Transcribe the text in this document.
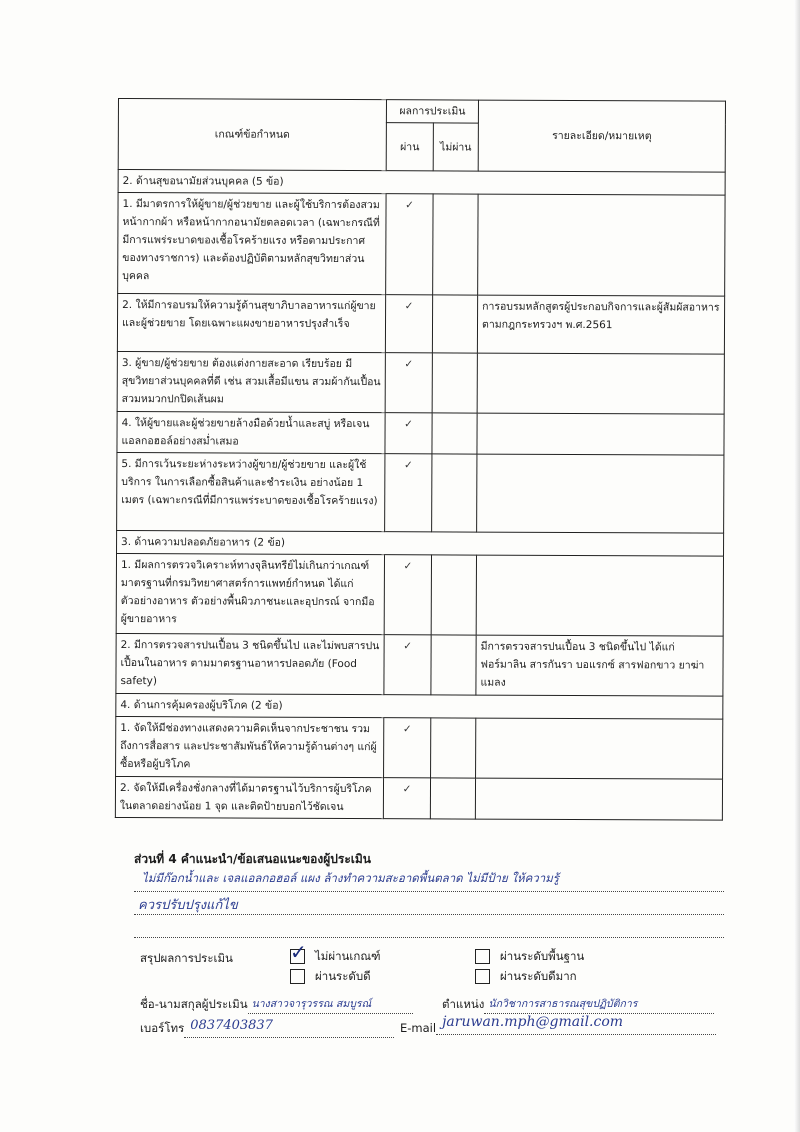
เกณฑ์ข้อกำหนด	ผลการประเมิน		รายละเอียด/หมายเหตุ
	ผ่าน	ไม่ผ่าน	
2. ด้านสุขอนามัยส่วนบุคคล (5 ข้อ)			
1. มีมาตรการให้ผู้ขาย/ผู้ช่วยขาย และผู้ใช้บริการต้องสวมหน้ากากผ้า หรือหน้ากากอนามัยตลอดเวลา (เฉพาะกรณีที่มีการแพร่ระบาดของเชื้อโรคร้ายแรง หรือตามประกาศของทางราชการ) และต้องปฏิบัติตามหลักสุขวิทยาส่วนบุคคล	✓		
2. ให้มีการอบรมให้ความรู้ด้านสุขาภิบาลอาหารแก่ผู้ขายและผู้ช่วยขาย โดยเฉพาะแผงขายอาหารปรุงสำเร็จ	✓		การอบรมหลักสูตรผู้ประกอบกิจการและผู้สัมผัสอาหารตามกฎกระทรวงฯ พ.ศ.2561
3. ผู้ขาย/ผู้ช่วยขาย ต้องแต่งกายสะอาด เรียบร้อย มีสุขวิทยาส่วนบุคคลที่ดี เช่น สวมเสื้อมีแขน สวมผ้ากันเปื้อน สวมหมวกปกปิดเส้นผม	✓		
4. ให้ผู้ขายและผู้ช่วยขายล้างมือด้วยน้ำและสบู่ หรือเจนแอลกอฮอล์อย่างสม่ำเสมอ	✓		
5. มีการเว้นระยะห่างระหว่างผู้ขาย/ผู้ช่วยขาย และผู้ใช้บริการ ในการเลือกซื้อสินค้าและชำระเงิน อย่างน้อย 1 เมตร (เฉพาะกรณีที่มีการแพร่ระบาดของเชื้อโรคร้ายแรง)	✓		
3. ด้านความปลอดภัยอาหาร (2 ข้อ)			
1. มีผลการตรวจวิเคราะห์ทางจุลินทรีย์ไม่เกินกว่าเกณฑ์มาตรฐานที่กรมวิทยาศาสตร์การแพทย์กำหนด ได้แก่ ตัวอย่างอาหาร ตัวอย่างพื้นผิวภาชนะและอุปกรณ์ จากมือผู้ขายอาหาร	✓		
2. มีการตรวจสารปนเปื้อน 3 ชนิดขึ้นไป และไม่พบสารปนเปื้อนในอาหาร ตามมาตรฐานอาหารปลอดภัย (Food safety)	✓		มีการตรวจสารปนเปื้อน 3 ชนิดขึ้นไป ได้แก่ ฟอร์มาลิน สารกันรา บอแรกซ์ สารฟอกขาว ยาฆ่าแมลง
4. ด้านการคุ้มครองผู้บริโภค (2 ข้อ)			
1. จัดให้มีช่องทางแสดงความคิดเห็นจากประชาชน รวมถึงการสื่อสาร และประชาสัมพันธ์ให้ความรู้ด้านต่างๆ แก่ผู้ซื้อหรือผู้บริโภค	✓		
2. จัดให้มีเครื่องชั่งกลางที่ได้มาตรฐานไว้บริการผู้บริโภค ในตลาดอย่างน้อย 1 จุด และติดป้ายบอกไว้ชัดเจน	✓		
ส่วนที่ 4 คำแนะนำ/ข้อเสนอแนะของผู้ประเมิน
ไม่มีก๊อกน้ำและ เจลแอลกอฮอล์ แผง ล้างทำความสะอาดพื้นตลาด ไม่มีป้าย ให้ความรู้
ควรปรับปรุงแก้ไข
สรุปผลการประเมิน	✓ ไม่ผ่านเกณฑ์	ผ่านระดับพื้นฐาน
ผ่านระดับดี	ผ่านระดับดีมาก
ชื่อ-นามสกุลผู้ประเมิน นางสาวจารุวรรณ สมบูรณ์	ตำแหน่ง นักวิชาการสาธารณสุขปฏิบัติการ
เบอร์โทร 0837403837	E-mail jaruwan.mph@gmail.com
